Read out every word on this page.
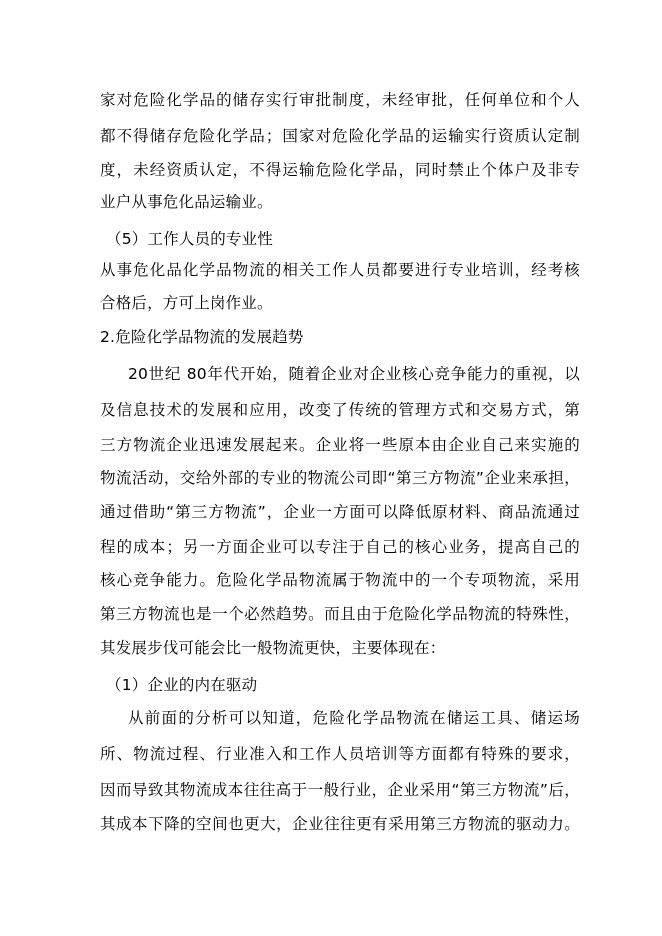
家对危险化学品的储存实行审批制度，未经审批，任何单位和个人
都不得储存危险化学品；国家对危险化学品的运输实行资质认定制
度，未经资质认定，不得运输危险化学品，同时禁止个体户及非专
业户从事危化品运输业。
（5）工作人员的专业性
从事危化品化学品物流的相关工作人员都要进行专业培训，经考核
合格后，方可上岗作业。
2.危险化学品物流的发展趋势
20世纪 80年代开始，随着企业对企业核心竞争能力的重视，以
及信息技术的发展和应用，改变了传统的管理方式和交易方式，第
三方物流企业迅速发展起来。企业将一些原本由企业自己来实施的
物流活动，交给外部的专业的物流公司即“第三方物流”企业来承担，
通过借助“第三方物流”，企业一方面可以降低原材料、商品流通过
程的成本；另一方面企业可以专注于自己的核心业务，提高自己的
核心竞争能力。危险化学品物流属于物流中的一个专项物流，采用
第三方物流也是一个必然趋势。而且由于危险化学品物流的特殊性，
其发展步伐可能会比一般物流更快，主要体现在：
（1）企业的内在驱动
从前面的分析可以知道，危险化学品物流在储运工具、储运场
所、物流过程、行业准入和工作人员培训等方面都有特殊的要求，
因而导致其物流成本往往高于一般行业，企业采用“第三方物流”后，
其成本下降的空间也更大，企业往往更有采用第三方物流的驱动力。
